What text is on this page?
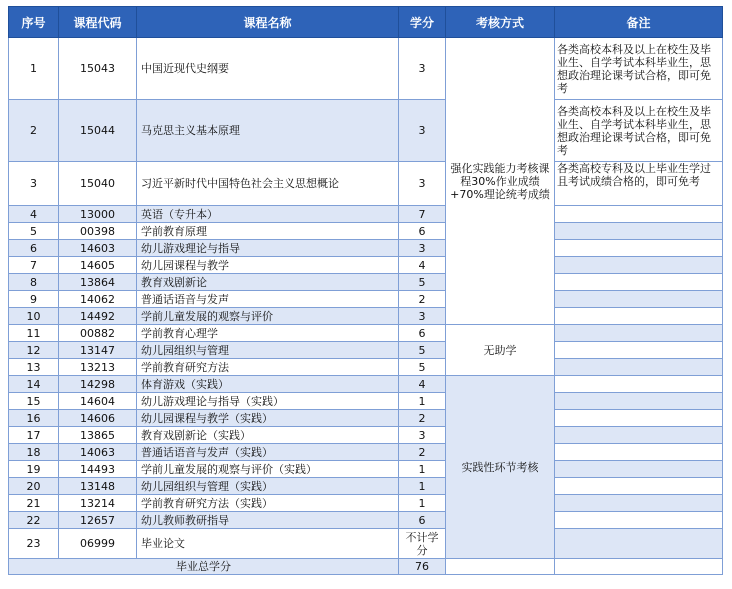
序号	课程代码	课程名称	学分	考核方式	备注
1	15043	中国近现代史纲要	3	强化实践能力考核课程30%作业成绩+70%理论统考成绩	各类高校本科及以上在校生及毕业生、自学考试本科毕业生，思想政治理论课考试合格，即可免考
2	15044	马克思主义基本原理	3		各类高校本科及以上在校生及毕业生、自学考试本科毕业生，思想政治理论课考试合格，即可免考
3	15040	习近平新时代中国特色社会主义思想概论	3		各类高校专科及以上毕业生学过且考试成绩合格的，即可免考
4	13000	英语（专升本）	7		
5	00398	学前教育原理	6		
6	14603	幼儿游戏理论与指导	3		
7	14605	幼儿园课程与教学	4		
8	13864	教育戏剧新论	5		
9	14062	普通话语音与发声	2		
10	14492	学前儿童发展的观察与评价	3		
11	00882	学前教育心理学	6	无助学	
12	13147	幼儿园组织与管理	5		
13	13213	学前教育研究方法	5		
14	14298	体育游戏（实践）	4	实践性环节考核	
15	14604	幼儿游戏理论与指导（实践）	1		
16	14606	幼儿园课程与教学（实践）	2		
17	13865	教育戏剧新论（实践）	3		
18	14063	普通话语音与发声（实践）	2		
19	14493	学前儿童发展的观察与评价（实践）	1		
20	13148	幼儿园组织与管理（实践）	1		
21	13214	学前教育研究方法（实践）	1		
22	12657	幼儿教师教研指导	6		
23	06999	毕业论文	不计学分		
毕业总学分			76		
